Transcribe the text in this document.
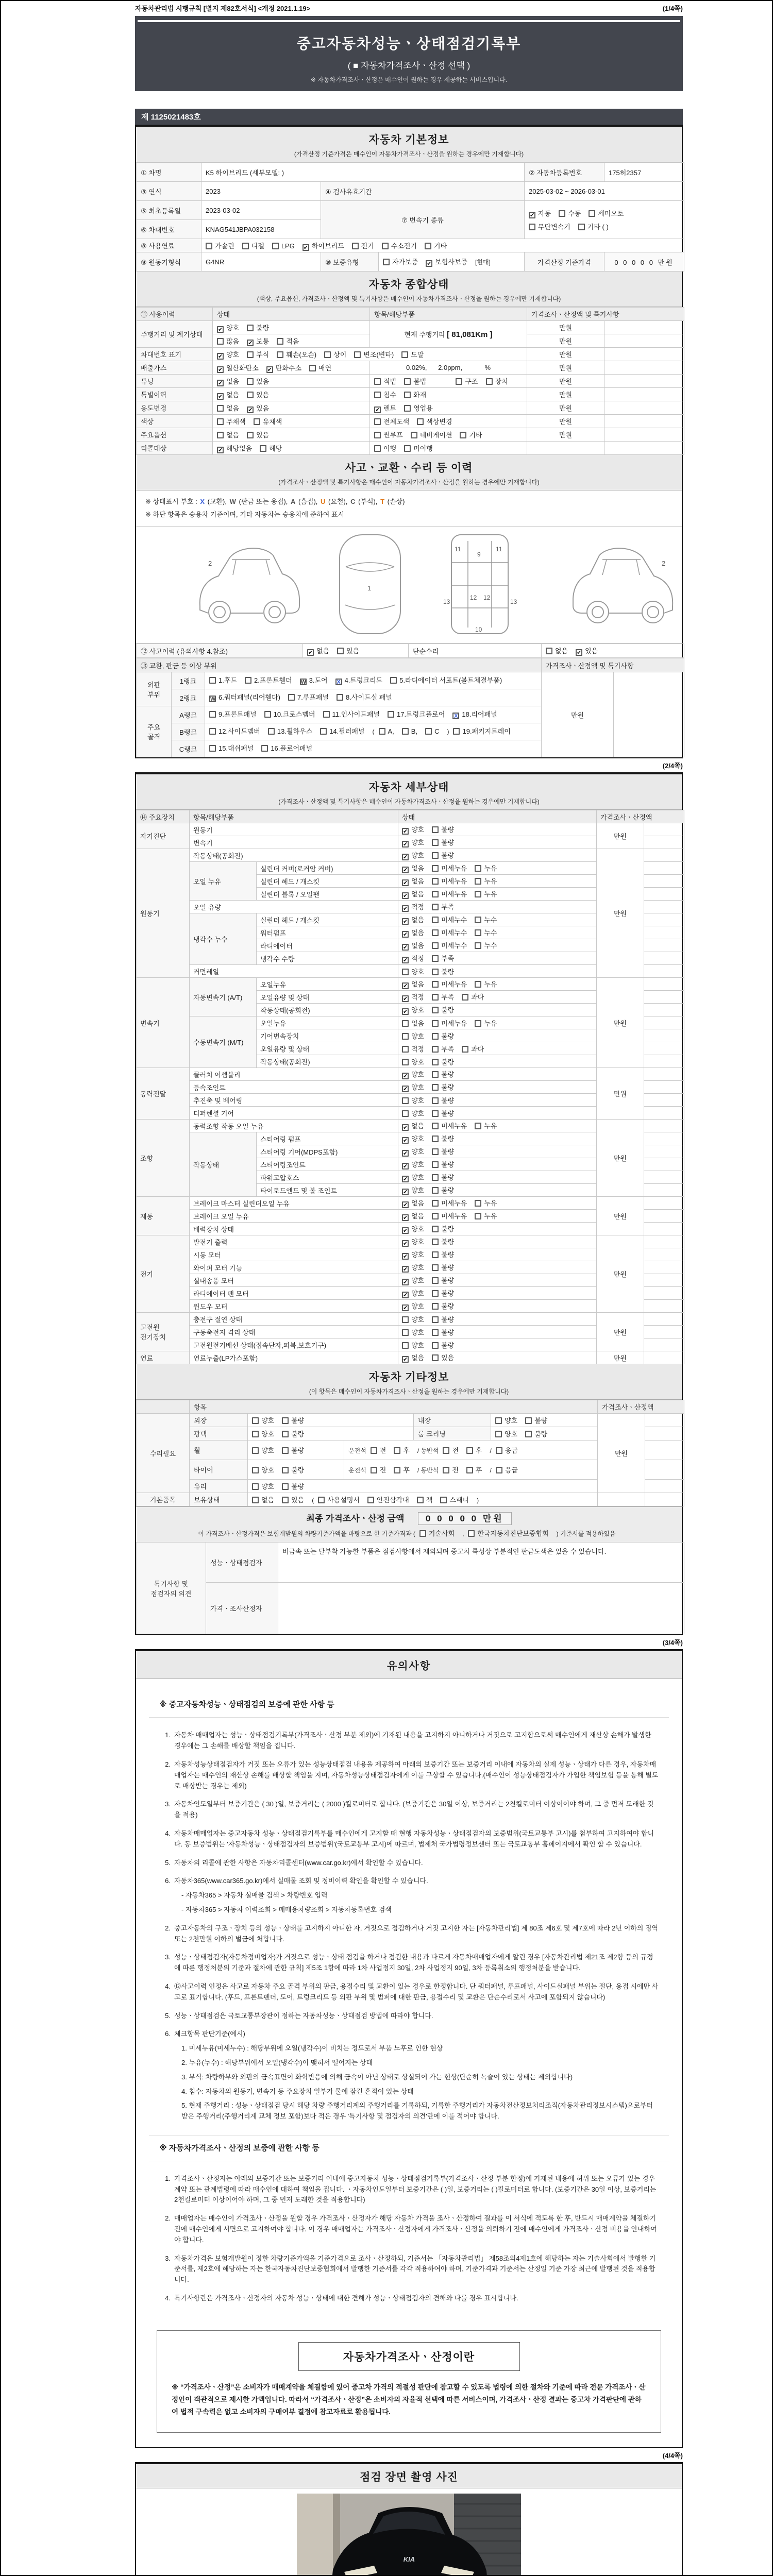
자동차관리법 시행규칙 [별지 제82호서식] <개정 2021.1.19>	(1/4쪽)
중고자동차성능ㆍ상태점검기록부
( ■ 자동차가격조사ㆍ산정 선택 )
※ 자동차가격조사ㆍ산정은 매수인이 원하는 경우 제공하는 서비스입니다.
제 1125021483호
자동차 기본정보
(가격산정 기준가격은 매수인이 자동차가격조사ㆍ산정을 원하는 경우에만 기재합니다)
① 차명	K5 하이브리드 (세부모델: )			② 자동차등록번호	175허2357
③ 연식	2023	④ 검사유효기간		2025-03-02 ~ 2026-03-01	
⑤ 최초등록일	2023-03-02	⑦ 변속기 종류		✔ 자동 수동 세미오토
무단변속기 기타 ( )	

⑥ 차대번호	KNAG541JBPA032158				
⑧ 사용연료	가솔린 디젤 LPG ✔ 하이브리드 전기 수소전기 기타				
⑨ 원동기형식	G4NR	⑩ 보증유형	자가보증 ✔ 보험사보증 [현대]	가격산정 기준가격	0 0 0 0 0 만원
자동차 종합상태
(색상, 주요옵션, 가격조사ㆍ산정액 및 특기사항은 매수인이 자동차가격조사ㆍ산정을 원하는 경우에만 기재합니다)
⑪ 사용이력	상태	항목/해당부품	가격조사ㆍ산정액 및 특기사항	
주행거리 및 계기상태	✔ 양호 불량	현재 주행거리 [ 81,081Km ]	만원	
	많음 ✔ 보통 적음		만원	
차대번호 표기	✔ 양호 부식 훼손(오손) 상이 변조(변타) 도말		만원	
배출가스	✔ 일산화탄소 ✔ 탄화수소 매연	0.02%,      2.0ppm,            %	만원	
튜닝	✔ 없음 있음	적법 불법 구조 장치	만원	
특별이력	✔ 없음 있음	침수 화재	만원	
용도변경	없음 ✔ 있음	✔ 렌트 영업용	만원	
색상	무채색 유채색	전체도색 색상변경	만원	
주요옵션	없음 있음	썬루프 네비게이션 기타	만원	
리콜대상	✔ 해당없음 해당	이행 미이행		
사고ㆍ교환ㆍ수리 등 이력
(가격조사ㆍ산정액 및 특기사항은 매수인이 자동차가격조사ㆍ산정을 원하는 경우에만 기재합니다)
※ 상태표시 부호 : X (교환), W (판금 또는 용접), A (흠집), U (요철), C (부식), T (손상)
※ 하단 항목은 승용차 기준이며, 기타 자동차는 승용차에 준하여 표시
2
1
9
11	11
12 12
13	13
10
2
⑫ 사고이력 (유의사항 4.참조)	✔ 없음	있음	단순수리	없음 ✔ 있음
⑬ 교환, 판금 등 이상 부위			가격조사ㆍ산정액 및 특기사항	
외판 부위	1랭크	1.후드 2.프론트휀더 W 3.도어 X 4.트렁크리드 5.라디에이터 서포트(볼트체결부품)	만원	
	2랭크	W 6.쿼터패널(리어휀다) 7.루프패널 8.사이드실 패널		
주요 골격	A랭크	9.프론트패널 10.크로스멤버 11.인사이드패널 17.트렁크플로어 X 18.리어패널		
	B랭크	12.사이드멤버 13.휠하우스 14.필러패널 ( A, B, C ) 19.패키지트레이		
	C랭크	15.대쉬패널 16.플로어패널		
(2/4쪽)
자동차 세부상태
(가격조사ㆍ산정액 및 특기사항은 매수인이 자동차가격조사ㆍ산정을 원하는 경우에만 기재합니다)
⑭ 주요장치	항목/해당부품		상태	가격조사ㆍ산정액	
자기진단	원동기		✔ 양호 불량	만원	
	변속기		✔ 양호 불량		
원동기	작동상태(공회전)		✔ 양호 불량	만원	
	오일 누유	실린더 커버(로커암 커버)	✔ 없음 미세누유 누유		
		실린더 헤드 / 개스킷	✔ 없음 미세누유 누유		
		실린더 블록 / 오일팬	✔ 없음 미세누유 누유		
	오일 유량		✔ 적정 부족		
	냉각수 누수	실린더 헤드 / 개스킷	✔ 없음 미세누수 누수		
		워터펌프	✔ 없음 미세누수 누수		
		라디에이터	✔ 없음 미세누수 누수		
		냉각수 수량	✔ 적정 부족		
	커먼레일		양호 불량		
변속기	자동변속기 (A/T)	오일누유	✔ 없음 미세누유 누유	만원	
		오일유량 및 상태	✔ 적정 부족 과다		
		작동상태(공회전)	✔ 양호 불량		
	수동변속기 (M/T)	오일누유	없음 미세누유 누유		
		기어변속장치	양호 불량		
		오일유량 및 상태	적정 부족 과다		
		작동상태(공회전)	양호 불량		
동력전달	클러치 어셈블리		✔ 양호 불량	만원	
	등속조인트		✔ 양호 불량		
	추진축 및 베어링		양호 불량		
	디퍼렌셜 기어		양호 불량		
조향	동력조향 작동 오일 누유		✔ 없음 미세누유 누유	만원	
	작동상태	스티어링 펌프	✔ 양호 불량		
		스티어링 기어(MDPS포함)	✔ 양호 불량		
		스티어링조인트	✔ 양호 불량		
		파워고압호스	✔ 양호 불량		
		타이로드엔드 및 볼 조인트	✔ 양호 불량		
제동	브레이크 마스터 실린더오일 누유		✔ 없음 미세누유 누유	만원	
	브레이크 오일 누유		✔ 없음 미세누유 누유		
	배력장치 상태		✔ 양호 불량		
전기	발전기 출력		✔ 양호 불량	만원	
	시동 모터		✔ 양호 불량		
	와이퍼 모터 기능		✔ 양호 불량		
	실내송풍 모터		✔ 양호 불량		
	라디에이터 팬 모터		✔ 양호 불량		
	윈도우 모터		✔ 양호 불량		
고전원 전기장치	충전구 절연 상태		양호 불량	만원	
	구동축전지 격리 상태		양호 불량		
	고전원전기배선 상태(접속단자,피복,보호기구)		양호 불량		
연료	연료누출(LP가스포함)		✔ 없음 있음	만원	
자동차 기타정보
(이 항목은 매수인이 자동차가격조사ㆍ산정을 원하는 경우에만 기재합니다)
	항목					가격조사ㆍ산정액	
수리필요	외장	양호 불량		내장	양호 불량	만원	
	광택	양호 불량		룸 크리닝	양호 불량		
	휠	양호 불량	운전석 전 후 / 동반석 전 후 / 응급				
	타이어	양호 불량	운전석 전 후 / 동반석 전 후 / 응급				
	유리	양호 불량					
기본품목	보유상태	없음 있음 ( 사용설명서 안전삼각대 잭 스패너 )					
최종 가격조사ㆍ산정 금액 0 0 0 0 0 만원
이 가격조사ㆍ산정가격은 보험개발원의 차량기준가액을 바탕으로 한 기준가격과 ( 기술사회 , 한국자동차진단보증협회 ) 기준서를 적용하였음
특기사항 및 점검자의 의견	성능ㆍ상태점검자	비금속 또는 탈부착 가능한 부품은 점검사항에서 제외되며 중고차 특성상 부분적인 판금도색은 있을 수 있습니다.
	가격ㆍ조사산정자	
(3/4쪽)
유의사항
※ 중고자동차성능ㆍ상태점검의 보증에 관한 사항 등
1. 자동차 매매업자는 성능ㆍ상태점검기록부(가격조사ㆍ산정 부분 제외)에 기재된 내용을 고지하지 아니하거나 거짓으로 고지함으로써 매수인에게 재산상 손해가 발생한 경우에는 그 손해를 배상할 책임을 집니다.
2. 자동차성능상태점검자가 거짓 또는 오류가 있는 성능상태점검 내용을 제공하여 아래의 보증기간 또는 보증거리 이내에 자동차의 실제 성능ㆍ상태가 다른 경우, 자동차매매업자는 매수인의 재산상 손해를 배상할 책임을 지며, 자동차성능상태점검자에게 이를 구상할 수 있습니다.(매수인이 성능상태점검자가 가입한 책임보험 등을 통해 별도로 배상받는 경우는 제외)
3. 자동차인도일부터 보증기간은 ( 30 )일, 보증거리는 ( 2000 )킬로미터로 합니다. (보증기간은 30일 이상, 보증거리는 2천킬로미터 이상이어야 하며, 그 중 먼저 도래한 것을 적용)
4. 자동차매매업자는 중고자동차 성능ㆍ상태점검기록부를 매수인에게 고지할 때 현행 자동차성능ㆍ상태점검자의 보증범위(국토교통부 고시)를 첨부하여 고지하여야 합니다. 동 보증범위는 '자동차성능ㆍ상태점검자의 보증범위'(국토교통부 고시)에 따르며, 법제처 국가법령정보센터 또는 국토교통부 홈페이지에서 확인 할 수 있습니다.
5. 자동차의 리콜에 관한 사항은 자동차리콜센터(www.car.go.kr)에서 확인할 수 있습니다.
6. 자동차365(www.car365.go.kr)에서 실매물 조회 및 정비이력 확인을 확인할 수 있습니다.
- 자동차365 > 자동차 실매물 검색 > 차량번호 입력
- 자동차365 > 자동차 이력조회 > 매매용차량조회 > 자동차등록번호 검색
2. 중고자동차의 구조ㆍ장치 등의 성능ㆍ상태를 고지하지 아니한 자, 거짓으로 점검하거나 거짓 고지한 자는 [자동차관리법] 제 80조 제6호 및 제7호에 따라 2년 이하의 징역 또는 2천만원 이하의 벌금에 처합니다.
3. 성능ㆍ상태점검자(자동차정비업자)가 거짓으로 성능ㆍ상태 점검을 하거나 점검한 내용과 다르게 자동차매매업자에게 알린 경우 [자동차관리법 제21조 제2항 등의 규정에 따른 행정처분의 기준과 절차에 관한 규칙] 제5조 1항에 따라 1차 사업정지 30일, 2차 사업정지 90일, 3차 등록취소의 행정처분을 받습니다.
4. ⑫사고이력 인정은 사고로 자동차 주요 골격 부위의 판금, 용접수리 및 교환이 있는 경우로 한정합니다. 단 쿼터패널, 루프패널, 사이드실패널 부위는 절단, 용접 시에만 사고로 표기합니다. (후드, 프론트펜더, 도어, 트렁크리드 등 외판 부위 및 범퍼에 대한 판금, 용접수리 및 교환은 단순수리로서 사고에 포함되지 않습니다)
5. 성능ㆍ상태점검은 국토교통부장관이 정하는 자동차성능ㆍ상태점검 방법에 따라야 합니다.
6. 체크항목 판단기준(예시)
1. 미세누유(미세누수) : 해당부위에 오일(냉각수)이 비치는 정도로서 부품 노후로 인한 현상
2. 누유(누수) : 해당부위에서 오일(냉각수)이 맺혀서 떨어지는 상태
3. 부식: 차량하부와 외판의 금속표면이 화학반응에 의해 금속이 아닌 상태로 상실되어 가는 현상(단순히 녹슬어 있는 상태는 제외합니다)
4. 침수: 자동차의 원동기, 변속기 등 주요장치 일부가 물에 잠긴 흔적이 있는 상태
5. 현재 주행거리 : 성능ㆍ상태점검 당시 해당 차량 주행거리계의 주행거리를 기록하되, 기록한 주행거리가 자동차전산정보처리조직(자동차관리정보시스템)으로부터 받은 주행거리(주행거리계 교체 정보 포함)보다 적은 경우 '특기사항 및 점검자의 의견'란에 이를 적어야 합니다.
※ 자동차가격조사ㆍ산정의 보증에 관한 사항 등
1. 가격조사ㆍ산정자는 아래의 보증기간 또는 보증거리 이내에 중고자동차 성능ㆍ상태점검기록부(가격조사ㆍ산정 부분 한정)에 기재된 내용에 허위 또는 오류가 있는 경우 계약 또는 관계법령에 따라 매수인에 대하여 책임을 집니다. ㆍ자동차인도일부터 보증기간은 ( )일, 보증거리는 ( )킬로미터로 합니다. (보증기간은 30일 이상, 보증거리는 2천킬로미터 이상이어야 하며, 그 중 먼저 도래한 것을 적용합니다)
2. 매매업자는 매수인이 가격조사ㆍ산정을 원할 경우 가격조사ㆍ산정자가 해당 자동차 가격을 조사ㆍ산정하여 결과를 이 서식에 적도록 한 후, 반드시 매매계약을 체결하기 전에 매수인에게 서면으로 고지하여야 합니다. 이 경우 매매업자는 가격조사ㆍ산정자에게 가격조사ㆍ산정을 의뢰하기 전에 매수인에게 가격조사ㆍ산정 비용을 안내하여야 합니다.
3. 자동차가격은 보험개발원이 정한 차량기준가액을 기준가격으로 조사ㆍ산정하되, 기준서는 「자동차관리법」 제58조의4제1호에 해당하는 자는 기술사회에서 발행한 기준서를, 제2호에 해당하는 자는 한국자동차진단보증협회에서 발행한 기준서를 각각 적용하여야 하며, 기준가격과 기준서는 산정일 기준 가장 최근에 발행된 것을 적용합니다.
4. 특기사항란은 가격조사ㆍ산정자의 자동차 성능ㆍ상태에 대한 견해가 성능ㆍ상태점검자의 견해와 다를 경우 표시합니다.
자동차가격조사ㆍ산정이란
※ “가격조사ㆍ산정”은 소비자가 매매계약을 체결함에 있어 중고차 가격의 적절성 판단에 참고할 수 있도록 법령에 의한 절차와 기준에 따라 전문 가격조사ㆍ산정인이 객관적으로 제시한 가액입니다. 따라서 “가격조사ㆍ산정”은 소비자의 자율적 선택에 따른 서비스이며, 가격조사ㆍ산정 결과는 중고차 가격판단에 관하여 법적 구속력은 없고 소비자의 구매여부 결정에 참고자료로 활용됩니다.
(4/4쪽)
점검 장면 촬영 사진
KIA
